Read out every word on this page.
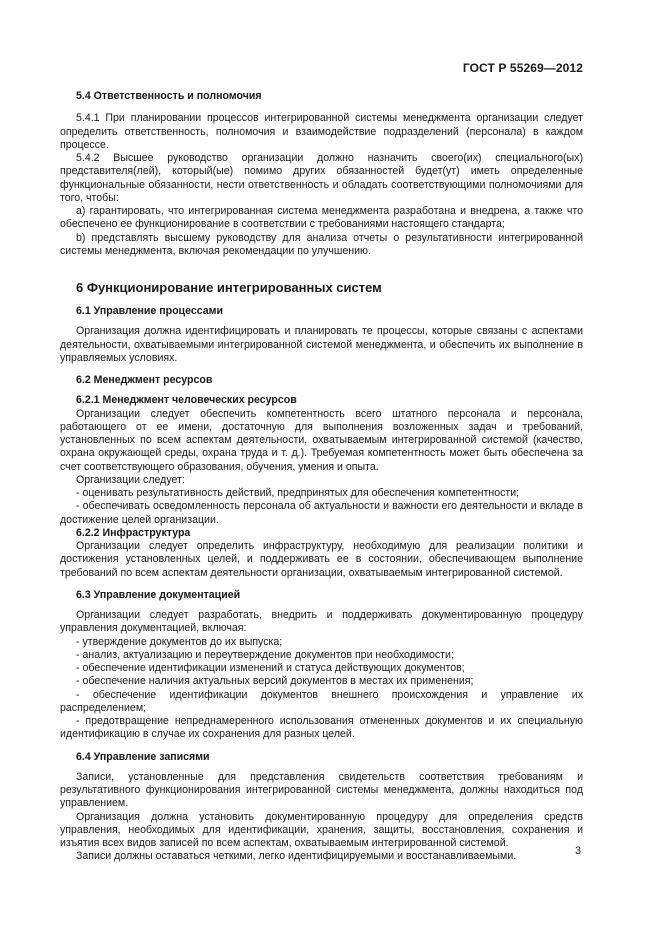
ГОСТ Р 55269—2012

5.4 Ответственность и полномочия

5.4.1 При планировании процессов интегрированной системы менеджмента организации следует определить ответственность, полномочия и взаимодействие подразделений (персонала) в каждом процессе.

5.4.2 Высшее руководство организации должно назначить своего(их) специального(ых) представителя(лей), который(ые) помимо других обязанностей будет(ут) иметь определенные функциональные обязанности, нести ответственность и обладать соответствующими полномочиями для того, чтобы:

а) гарантировать, что интегрированная система менеджмента разработана и внедрена, а также что обеспечено ее функционирование в соответствии с требованиями настоящего стандарта;

b) представлять высшему руководству для анализа отчеты о результативности интегрированной системы менеджмента, включая рекомендации по улучшению.

6 Функционирование интегрированных систем

6.1 Управление процессами

Организация должна идентифицировать и планировать те процессы, которые связаны с аспектами деятельности, охватываемыми интегрированной системой менеджмента, и обеспечить их выполнение в управляемых условиях.

6.2 Менеджмент ресурсов

6.2.1 Менеджмент человеческих ресурсов

Организации следует обеспечить компетентность всего штатного персонала и персонала, работающего от ее имени, достаточную для выполнения возложенных задач и требований, установленных по всем аспектам деятельности, охватываемым интегрированной системой (качество, охрана окружающей среды, охрана труда и т. д.). Требуемая компетентность может быть обеспечена за счет соответствующего образования, обучения, умения и опыта.

Организации следует:

- оценивать результативность действий, предпринятых для обеспечения компетентности;

- обеспечивать осведомленность персонала об актуальности и важности его деятельности и вкладе в достижение целей организации.

6.2.2 Инфраструктура

Организации следует определить инфраструктуру, необходимую для реализации политики и достижения установленных целей, и поддерживать ее в состоянии, обеспечивающем выполнение требований по всем аспектам деятельности организации, охватываемым интегрированной системой.

6.3 Управление документацией

Организации следует разработать, внедрить и поддерживать документированную процедуру управления документацией, включая:

- утверждение документов до их выпуска;

- анализ, актуализацию и переутверждение документов при необходимости;

- обеспечение идентификации изменений и статуса действующих документов;

- обеспечение наличия актуальных версий документов в местах их применения;

- обеспечение идентификации документов внешнего происхождения и управление их распределением;

- предотвращение непреднамеренного использования отмененных документов и их специальную идентификацию в случае их сохранения для разных целей.

6.4 Управление записями

Записи, установленные для представления свидетельств соответствия требованиям и результативного функционирования интегрированной системы менеджмента, должны находиться под управлением.

Организация должна установить документированную процедуру для определения средств управления, необходимых для идентификации, хранения, защиты, восстановления, сохранения и изъятия всех видов записей по всем аспектам, охватываемым интегрированной системой.

Записи должны оставаться четкими, легко идентифицируемыми и восстанавливаемыми.	3
